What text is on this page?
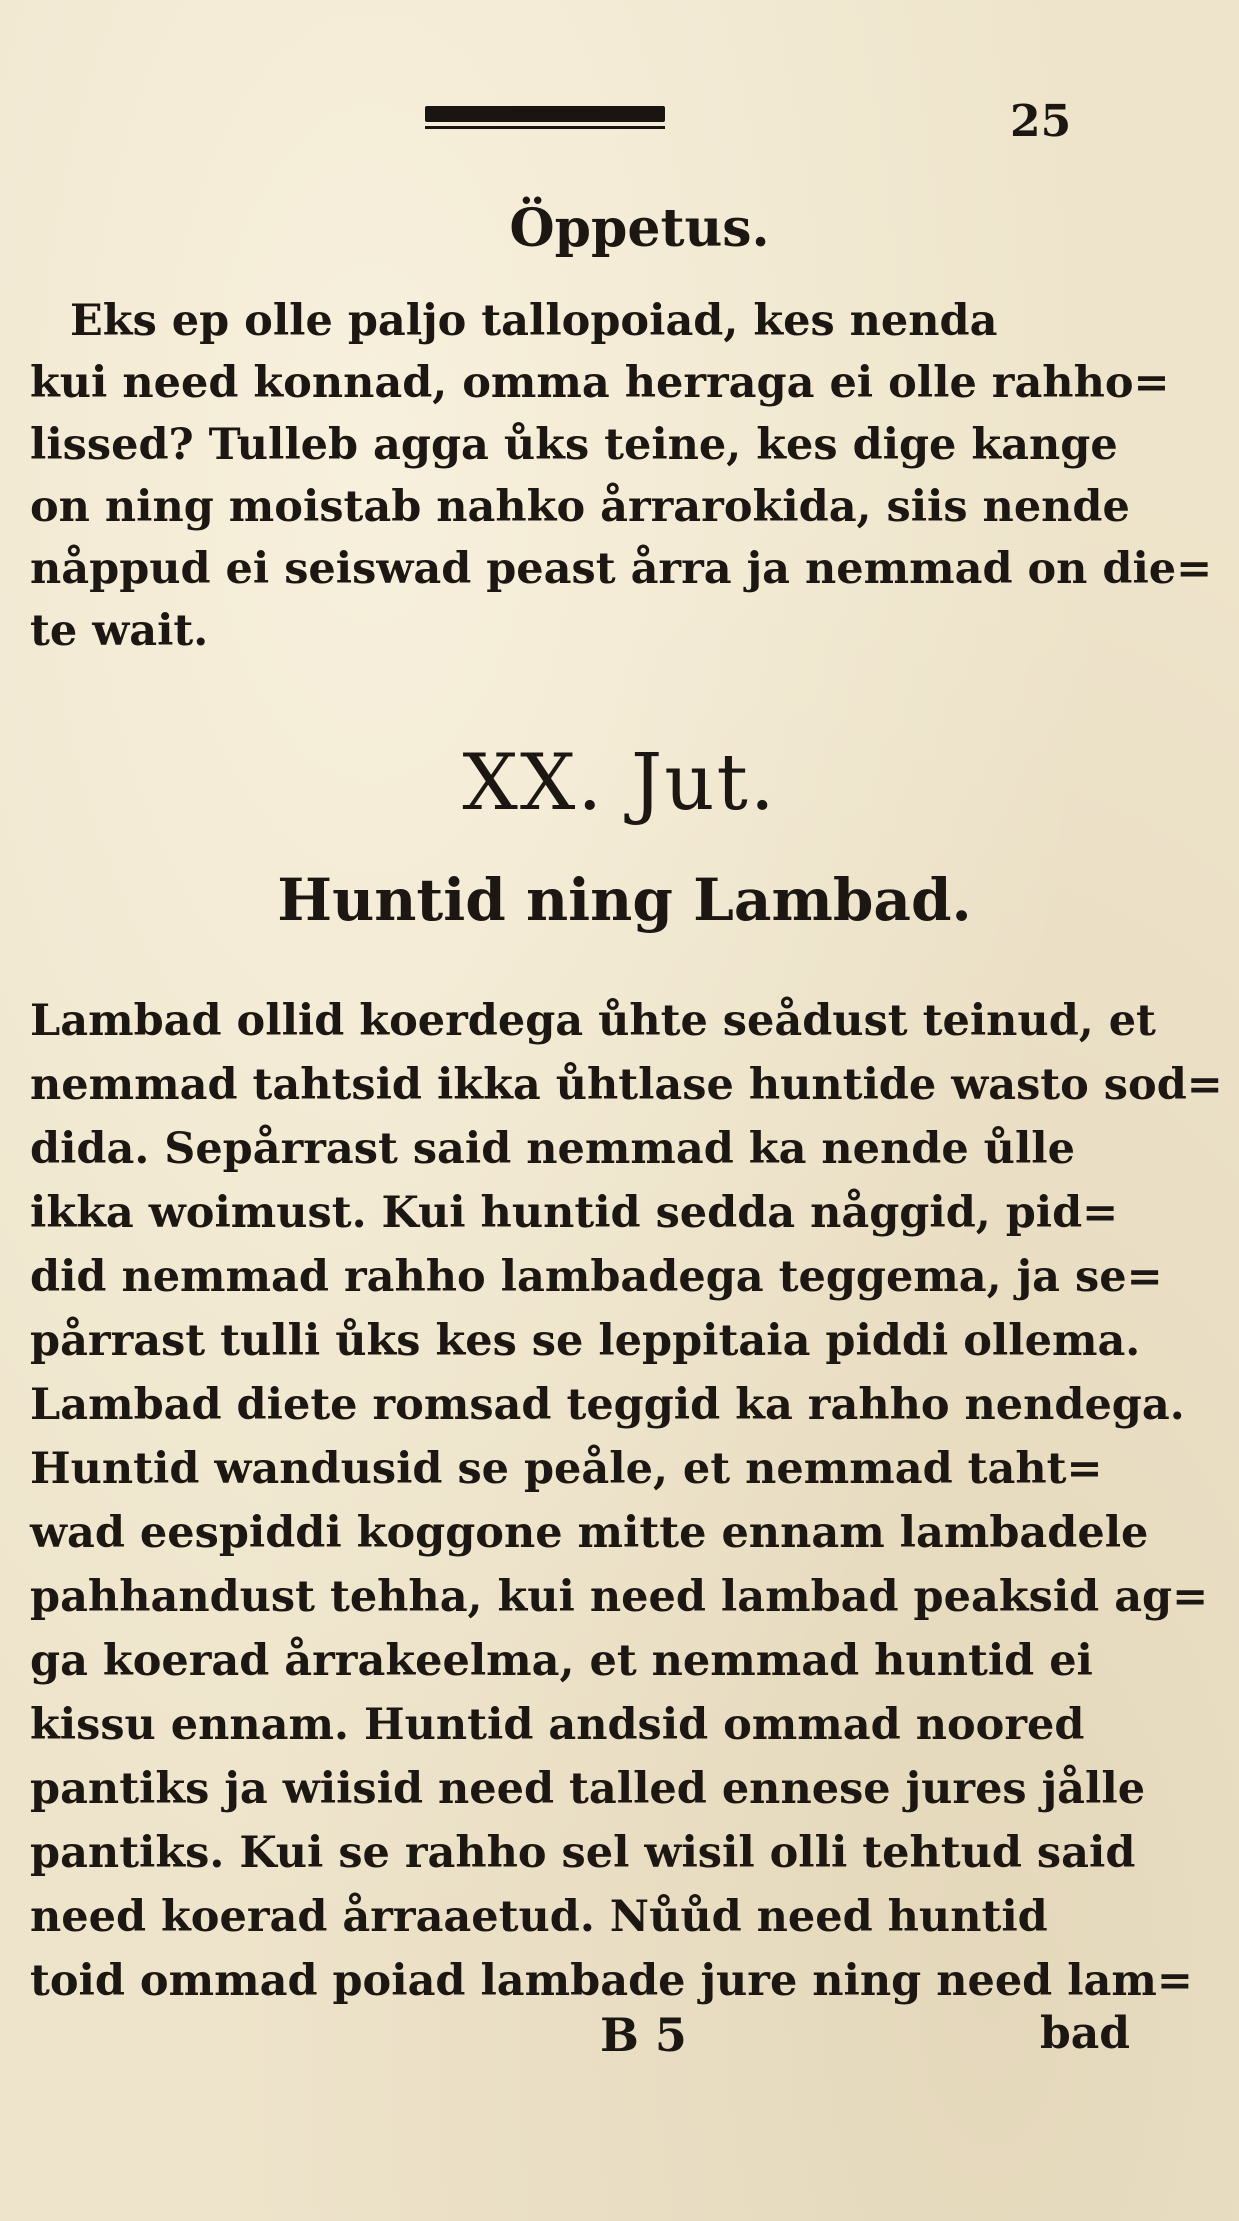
25
Öppetus.
Eks ep olle paljo tallopoiad, kes nenda
kui need konnad, omma herraga ei olle rahho=
lissed? Tulleb agga ůks teine, kes dige kange
on ning moistab nahko årrarokida, siis nende
nåppud ei seiswad peast årra ja nemmad on die=
te wait.
XX. Jut.
Huntid ning Lambad.
Lambad ollid koerdega ůhte seådust teinud, et
nemmad tahtsid ikka ůhtlase huntide wasto sod=
dida. Sepårrast said nemmad ka nende ůlle
ikka woimust. Kui huntid sedda någgid, pid=
did nemmad rahho lambadega teggema, ja se=
pårrast tulli ůks kes se leppitaia piddi ollema.
Lambad diete romsad teggid ka rahho nendega.
Huntid wandusid se peåle, et nemmad taht=
wad eespiddi koggone mitte ennam lambadele
pahhandust tehha, kui need lambad peaksid ag=
ga koerad årrakeelma, et nemmad huntid ei
kissu ennam. Huntid andsid ommad noored
pantiks ja wiisid need talled ennese jures jålle
pantiks. Kui se rahho sel wisil olli tehtud said
need koerad årraaetud. Nůůd need huntid
toid ommad poiad lambade jure ning need lam=
B 5	bad
